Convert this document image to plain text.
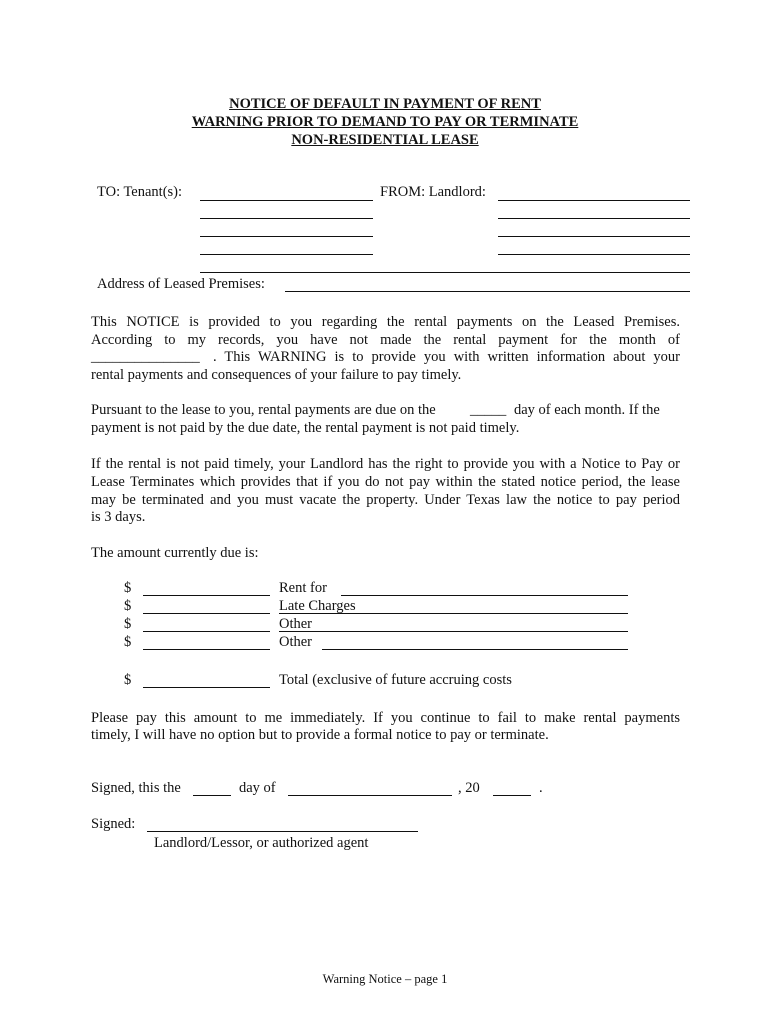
NOTICE OF DEFAULT IN PAYMENT OF RENT
WARNING PRIOR TO DEMAND TO PAY OR TERMINATE
NON-RESIDENTIAL LEASE
TO: Tenant(s):	FROM: Landlord:
Address of Leased Premises:
This NOTICE is provided to you regarding the rental payments on the Leased Premises.
According to my records, you have not made the rental payment for the month of
_______________ . This WARNING is to provide you with written information about your
rental payments and consequences of your failure to pay timely.
Pursuant to the lease to you, rental payments are due on the _____ day of each month. If the
payment is not paid by the due date, the rental payment is not paid timely.
If the rental is not paid timely, your Landlord has the right to provide you with a Notice to Pay or
Lease Terminates which provides that if you do not pay within the stated notice period, the lease
may be terminated and you must vacate the property. Under Texas law the notice to pay period
is 3 days.
The amount currently due is:
$	Rent for
$	Late Charges
$	Other
$	Other
$	Total (exclusive of future accruing costs
Please pay this amount to me immediately. If you continue to fail to make rental payments
timely, I will have no option but to provide a formal notice to pay or terminate.
Signed, this the	day of	, 20	.
Signed:
Landlord/Lessor, or authorized agent
Warning Notice – page 1
